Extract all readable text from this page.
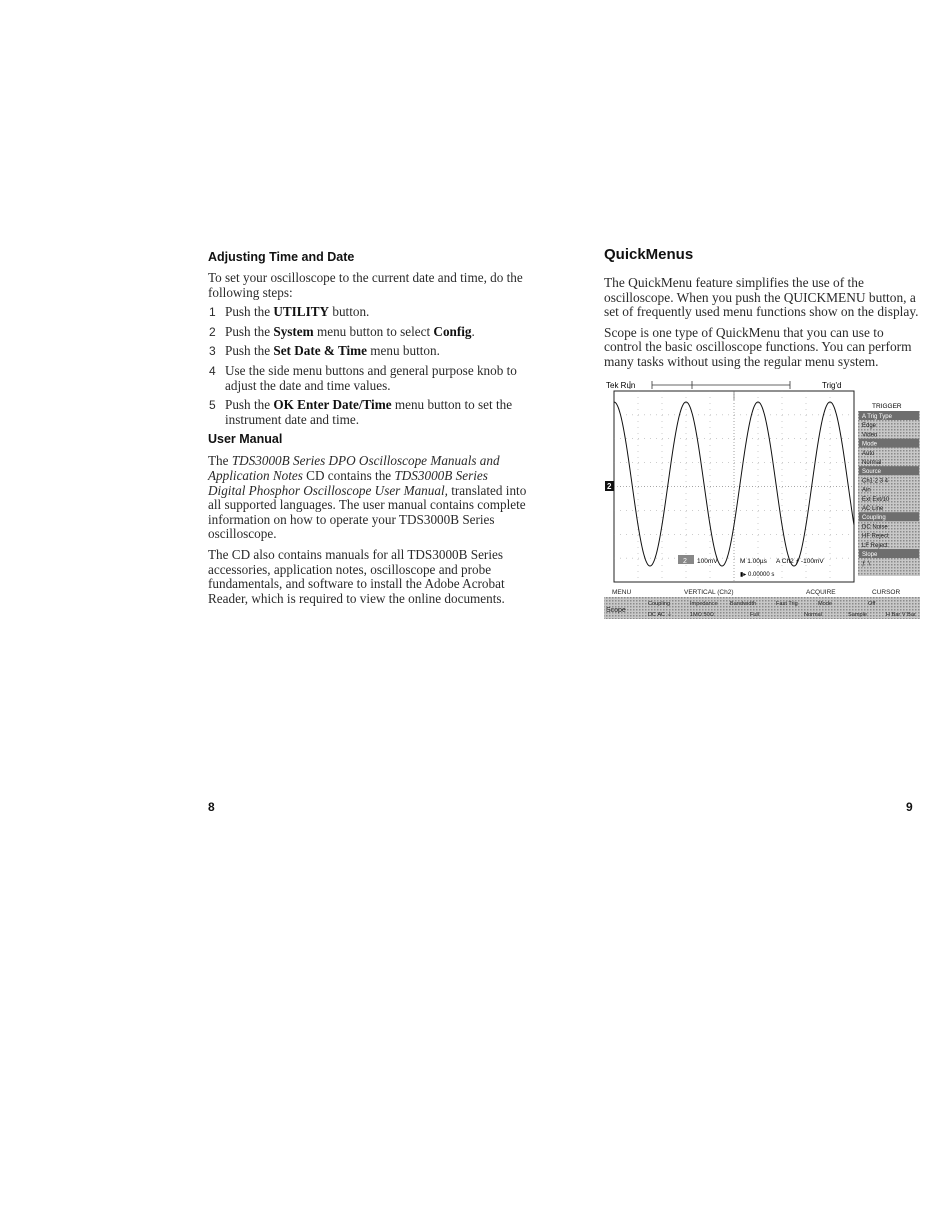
Adjusting Time and Date

To set your oscilloscope to the current date and time, do the following steps:

1 Push the UTILITY button.
2 Push the System menu button to select Config.
3 Push the Set Date & Time menu button.
4 Use the side menu buttons and general purpose knob to adjust the date and time values.
5 Push the OK Enter Date/Time menu button to set the instrument date and time.
User Manual

The TDS3000B Series DPO Oscilloscope Manuals and Application Notes CD contains the TDS3000B Series Digital Phosphor Oscilloscope User Manual, translated into all supported languages. The user manual contains complete information on how to operate your TDS3000B Series oscilloscope.

The CD also contains manuals for all TDS3000B Series accessories, application notes, oscilloscope and probe fundamentals, and software to install the Adobe Acrobat Reader, which is required to view the online documents.

QuickMenus

The QuickMenu feature simplifies the use of the oscilloscope. When you push the QUICKMENU button, a set of frequently used menu functions show on the display.

Scope is one type of QuickMenu that you can use to control the basic oscilloscope functions. You can perform many tasks without using the regular menu system.

Tek Run	Trig'd
2
2 100mV	M 1.00µs A Ch2 ƒ -100mV
▮▸ 0.00000 s
TRIGGER
A Trig Type
Edge
Video
Mode
Auto
Normal
Source
Ch1 2 3 4
Ain
Ext Ext/10
AC Line
Coupling
DC Noise
HF Reject
LF Reject
Slope
ƒ ∖
MENU	VERTICAL (Ch2)	ACQUIRE	CURSOR
Scope
Coupling	Impedance Bandwidth	Fast Trig	Mode	Off
DC AC ⏚	1MΩ 50Ω	Full	Normal	Sample	H Bar V Bar
8	9
